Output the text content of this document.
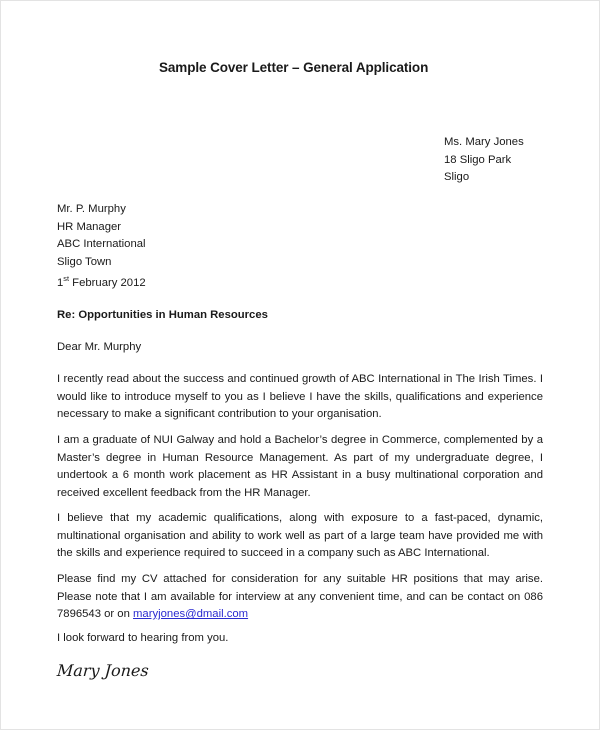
Sample Cover Letter – General Application
Ms. Mary Jones
18 Sligo Park
Sligo
Mr. P. Murphy
HR Manager
ABC International
Sligo Town
1st February 2012
Re: Opportunities in Human Resources
Dear Mr. Murphy
I recently read about the success and continued growth of ABC International in The Irish Times. I would like to introduce myself to you as I believe I have the skills, qualifications and experience necessary to make a significant contribution to your organisation.
I am a graduate of NUI Galway and hold a Bachelor’s degree in Commerce, complemented by a Master’s degree in Human Resource Management. As part of my undergraduate degree, I undertook a 6 month work placement as HR Assistant in a busy multinational corporation and received excellent feedback from the HR Manager.
I believe that my academic qualifications, along with exposure to a fast-paced, dynamic, multinational organisation and ability to work well as part of a large team have provided me with the skills and experience required to succeed in a company such as ABC International.
Please find my CV attached for consideration for any suitable HR positions that may arise. Please note that I am available for interview at any convenient time, and can be contact on 086 7896543 or on maryjones@dmail.com
I look forward to hearing from you.
Mary Jones
